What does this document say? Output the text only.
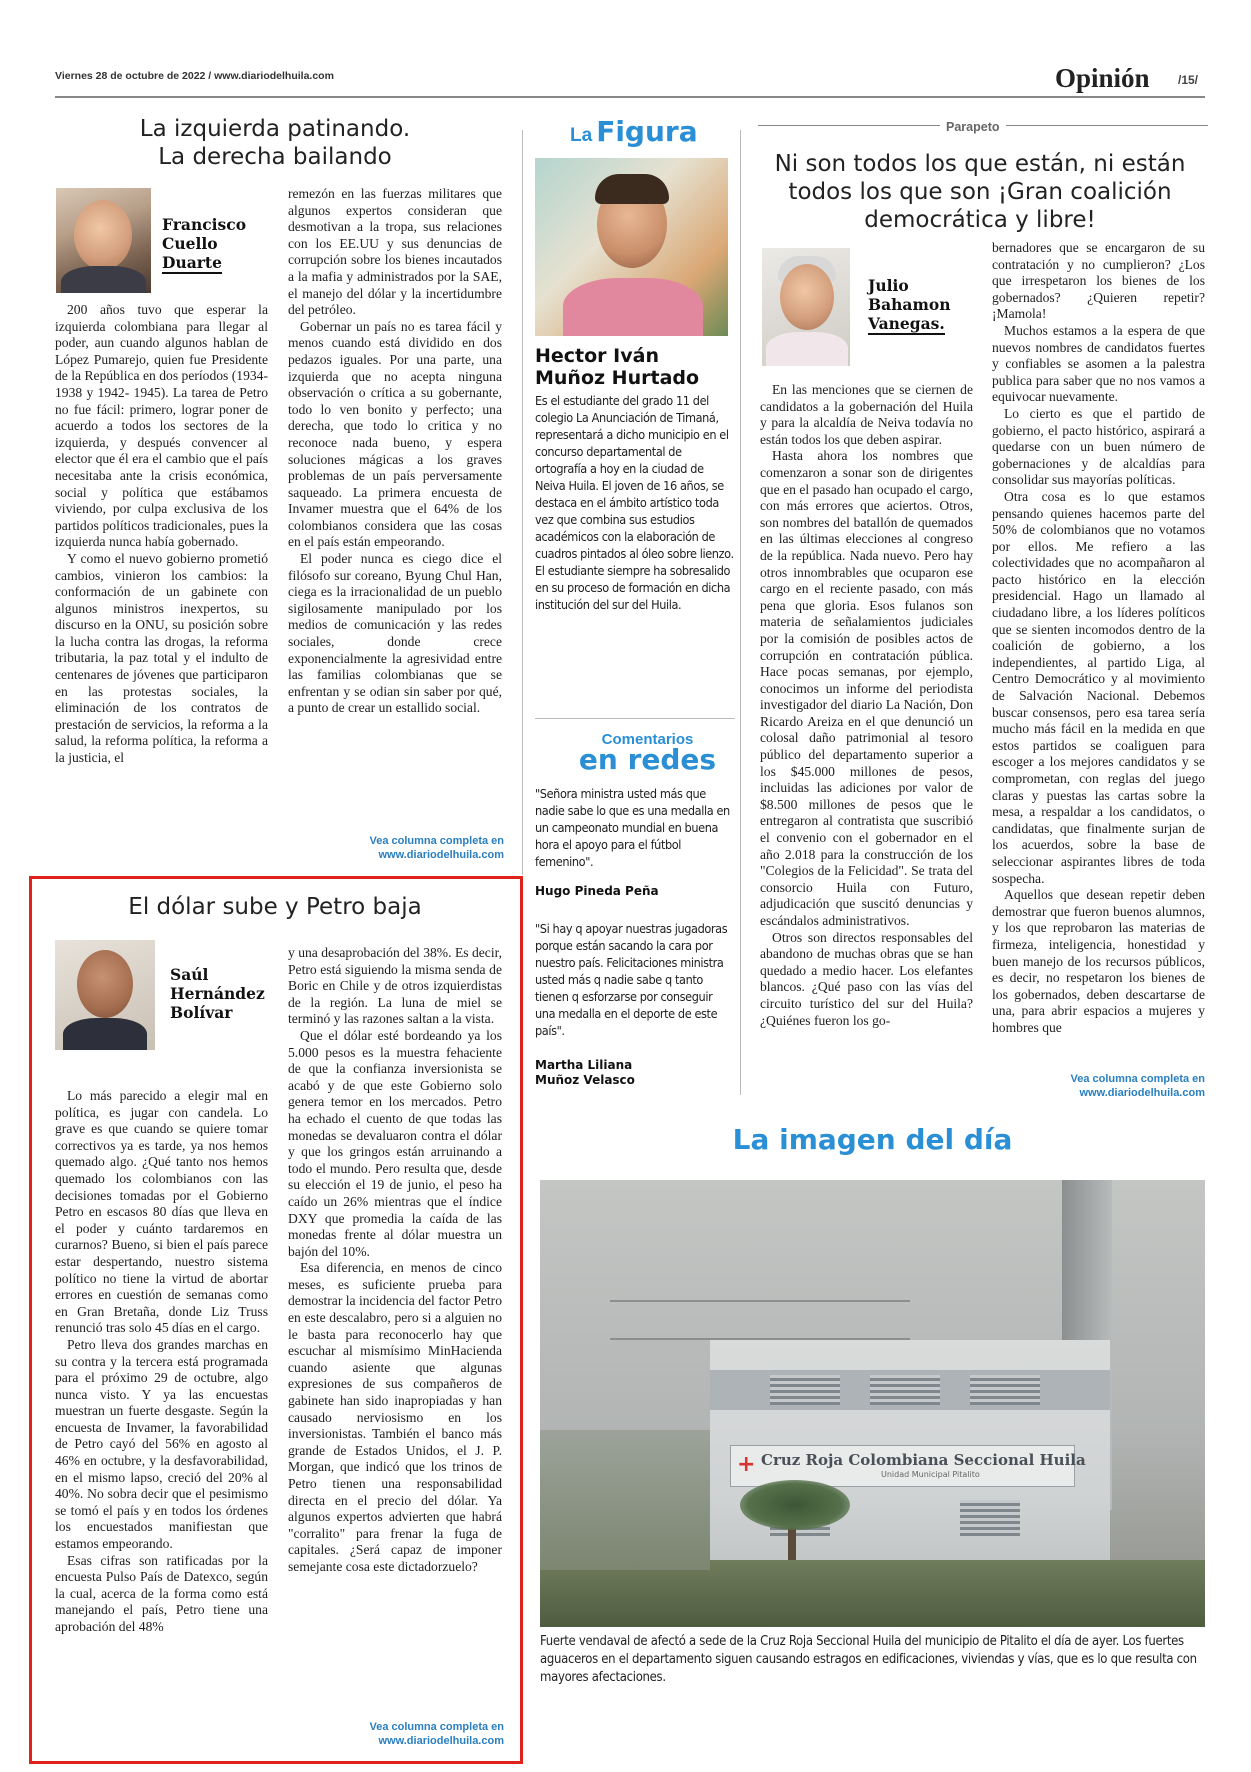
Viernes 28 de octubre de 2022 / www.diariodelhuila.com	Opinión /15/
La izquierda patinando.
La derecha bailando
Francisco
Cuello
Duarte

200 años tuvo que esperar la izquierda colombiana para llegar al poder, aun cuando algunos hablan de López Pumarejo, quien fue Presidente de la República en dos períodos (1934-1938 y 1942- 1945). La tarea de Petro no fue fácil: primero, lograr poner de acuerdo a todos los sectores de la izquierda, y después convencer al elector que él era el cambio que el país necesitaba ante la crisis económica, social y política que estábamos viviendo, por culpa exclusiva de los partidos políticos tradicionales, pues la izquierda nunca había gobernado.

Y como el nuevo gobierno prometió cambios, vinieron los cambios: la conformación de un gabinete con algunos ministros inexpertos, su discurso en la ONU, su posición sobre la lucha contra las drogas, la reforma tributaria, la paz total y el indulto de centenares de jóvenes que participaron en las protestas sociales, la eliminación de los contratos de prestación de servicios, la reforma a la salud, la reforma política, la reforma a la justicia, el

remezón en las fuerzas militares que algunos expertos consideran que desmotivan a la tropa, sus relaciones con los EE.UU y sus denuncias de corrupción sobre los bienes incautados a la mafia y administrados por la SAE, el manejo del dólar y la incertidumbre del petróleo.

Gobernar un país no es tarea fácil y menos cuando está dividido en dos pedazos iguales. Por una parte, una izquierda que no acepta ninguna observación o crítica a su gobernante, todo lo ven bonito y perfecto; una derecha, que todo lo critica y no reconoce nada bueno, y espera soluciones mágicas a los graves problemas de un país perversamente saqueado. La primera encuesta de Invamer muestra que el 64% de los colombianos considera que las cosas en el país están empeorando.

El poder nunca es ciego dice el filósofo sur coreano, Byung Chul Han, ciega es la irracionalidad de un pueblo sigilosamente manipulado por los medios de comunicación y las redes sociales, donde crece exponencialmente la agresividad entre las familias colombianas que se enfrentan y se odian sin saber por qué, a punto de crear un estallido social.

Vea columna completa en
www.diariodelhuila.com
El dólar sube y Petro baja
Saúl
Hernández
Bolívar

Lo más parecido a elegir mal en política, es jugar con candela. Lo grave es que cuando se quiere tomar correctivos ya es tarde, ya nos hemos quemado algo. ¿Qué tanto nos hemos quemado los colombianos con las decisiones tomadas por el Gobierno Petro en escasos 80 días que lleva en el poder y cuánto tardaremos en curarnos? Bueno, si bien el país parece estar despertando, nuestro sistema político no tiene la virtud de abortar errores en cuestión de semanas como en Gran Bretaña, donde Liz Truss renunció tras solo 45 días en el cargo.

Petro lleva dos grandes marchas en su contra y la tercera está programada para el próximo 29 de octubre, algo nunca visto. Y ya las encuestas muestran un fuerte desgaste. Según la encuesta de Invamer, la favorabilidad de Petro cayó del 56% en agosto al 46% en octubre, y la desfavorabilidad, en el mismo lapso, creció del 20% al 40%. No sobra decir que el pesimismo se tomó el país y en todos los órdenes los encuestados manifiestan que estamos empeorando.

Esas cifras son ratificadas por la encuesta Pulso País de Datexco, según la cual, acerca de la forma como está manejando el país, Petro tiene una aprobación del 48%

y una desaprobación del 38%. Es decir, Petro está siguiendo la misma senda de Boric en Chile y de otros izquierdistas de la región. La luna de miel se terminó y las razones saltan a la vista.

Que el dólar esté bordeando ya los 5.000 pesos es la muestra fehaciente de que la confianza inversionista se acabó y de que este Gobierno solo genera temor en los mercados. Petro ha echado el cuento de que todas las monedas se devaluaron contra el dólar y que los gringos están arruinando a todo el mundo. Pero resulta que, desde su elección el 19 de junio, el peso ha caído un 26% mientras que el índice DXY que promedia la caída de las monedas frente al dólar muestra un bajón del 10%.

Esa diferencia, en menos de cinco meses, es suficiente prueba para demostrar la incidencia del factor Petro en este descalabro, pero si a alguien no le basta para reconocerlo hay que escuchar al mismísimo MinHacienda cuando asiente que algunas expresiones de sus compañeros de gabinete han sido inapropiadas y han causado nerviosismo en los inversionistas. También el banco más grande de Estados Unidos, el J. P. Morgan, que indicó que los trinos de Petro tienen una responsabilidad directa en el precio del dólar. Ya algunos expertos advierten que habrá "corralito" para frenar la fuga de capitales. ¿Será capaz de imponer semejante cosa este dictadorzuelo?

Vea columna completa en
www.diariodelhuila.com
La Figura
Hector Iván
Muñoz Hurtado
Es el estudiante del grado 11 del colegio La Anunciación de Timaná, representará a dicho municipio en el concurso departamental de ortografía a hoy en la ciudad de Neiva Huila. El joven de 16 años, se destaca en el ámbito artístico toda vez que combina sus estudios académicos con la elaboración de cuadros pintados al óleo sobre lienzo. El estudiante siempre ha sobresalido en su proceso de formación en dicha institución del sur del Huila.
Comentarios
en redes
"Señora ministra usted más que nadie sabe lo que es una medalla en un campeonato mundial en buena hora el apoyo para el fútbol femenino".
Hugo Pineda Peña
"Si hay q apoyar nuestras jugadoras porque están sacando la cara por nuestro país. Felicitaciones ministra usted más q nadie sabe q tanto tienen q esforzarse por conseguir una medalla en el deporte de este país".
Martha Liliana
Muñoz Velasco
Parapeto
Ni son todos los que están, ni están
todos los que son ¡Gran coalición
democrática y libre!
Julio
Bahamon
Vanegas.

En las menciones que se ciernen de candidatos a la gobernación del Huila y para la alcaldía de Neiva todavía no están todos los que deben aspirar.

Hasta ahora los nombres que comenzaron a sonar son de dirigentes que en el pasado han ocupado el cargo, con más errores que aciertos. Otros, son nombres del batallón de quemados en las últimas elecciones al congreso de la república. Nada nuevo. Pero hay otros innombrables que ocuparon ese cargo en el reciente pasado, con más pena que gloria. Esos fulanos son materia de señalamientos judiciales por la comisión de posibles actos de corrupción en contratación pública. Hace pocas semanas, por ejemplo, conocimos un informe del periodista investigador del diario La Nación, Don Ricardo Areiza en el que denunció un colosal daño patrimonial al tesoro público del departamento superior a los $45.000 millones de pesos, incluidas las adiciones por valor de $8.500 millones de pesos que le entregaron al contratista que suscribió el convenio con el gobernador en el año 2.018 para la construcción de los "Colegios de la Felicidad". Se trata del consorcio Huila con Futuro, adjudicación que suscitó denuncias y escándalos administrativos.

Otros son directos responsables del abandono de muchas obras que se han quedado a medio hacer. Los elefantes blancos. ¿Qué paso con las vías del circuito turístico del sur del Huila? ¿Quiénes fueron los go-

bernadores que se encargaron de su contratación y no cumplieron? ¿Los que irrespetaron los bienes de los gobernados? ¿Quieren repetir? ¡Mamola!

Muchos estamos a la espera de que nuevos nombres de candidatos fuertes y confiables se asomen a la palestra publica para saber que no nos vamos a equivocar nuevamente.

Lo cierto es que el partido de gobierno, el pacto histórico, aspirará a quedarse con un buen número de gobernaciones y de alcaldías para consolidar sus mayorías políticas.

Otra cosa es lo que estamos pensando quienes hacemos parte del 50% de colombianos que no votamos por ellos. Me refiero a las colectividades que no acompañaron al pacto histórico en la elección presidencial. Hago un llamado al ciudadano libre, a los líderes políticos que se sienten incomodos dentro de la coalición de gobierno, a los independientes, al partido Liga, al Centro Democrático y al movimiento de Salvación Nacional. Debemos buscar consensos, pero esa tarea sería mucho más fácil en la medida en que estos partidos se coaliguen para escoger a los mejores candidatos y se comprometan, con reglas del juego claras y puestas las cartas sobre la mesa, a respaldar a los candidatos, o candidatas, que finalmente surjan de los acuerdos, sobre la base de seleccionar aspirantes libres de toda sospecha.

Aquellos que desean repetir deben demostrar que fueron buenos alumnos, y los que reprobaron las materias de firmeza, inteligencia, honestidad y buen manejo de los recursos públicos, es decir, no respetaron los bienes de los gobernados, deben descartarse de una, para abrir espacios a mujeres y hombres que

Vea columna completa en
www.diariodelhuila.com
La imagen del día
+ Cruz Roja Colombiana Seccional Huila
Unidad Municipal Pitalito
Fuerte vendaval de afectó a sede de la Cruz Roja Seccional Huila del municipio de Pitalito el día de ayer. Los fuertes aguaceros en el departamento siguen causando estragos en edificaciones, viviendas y vías, que es lo que resulta con mayores afectaciones.
